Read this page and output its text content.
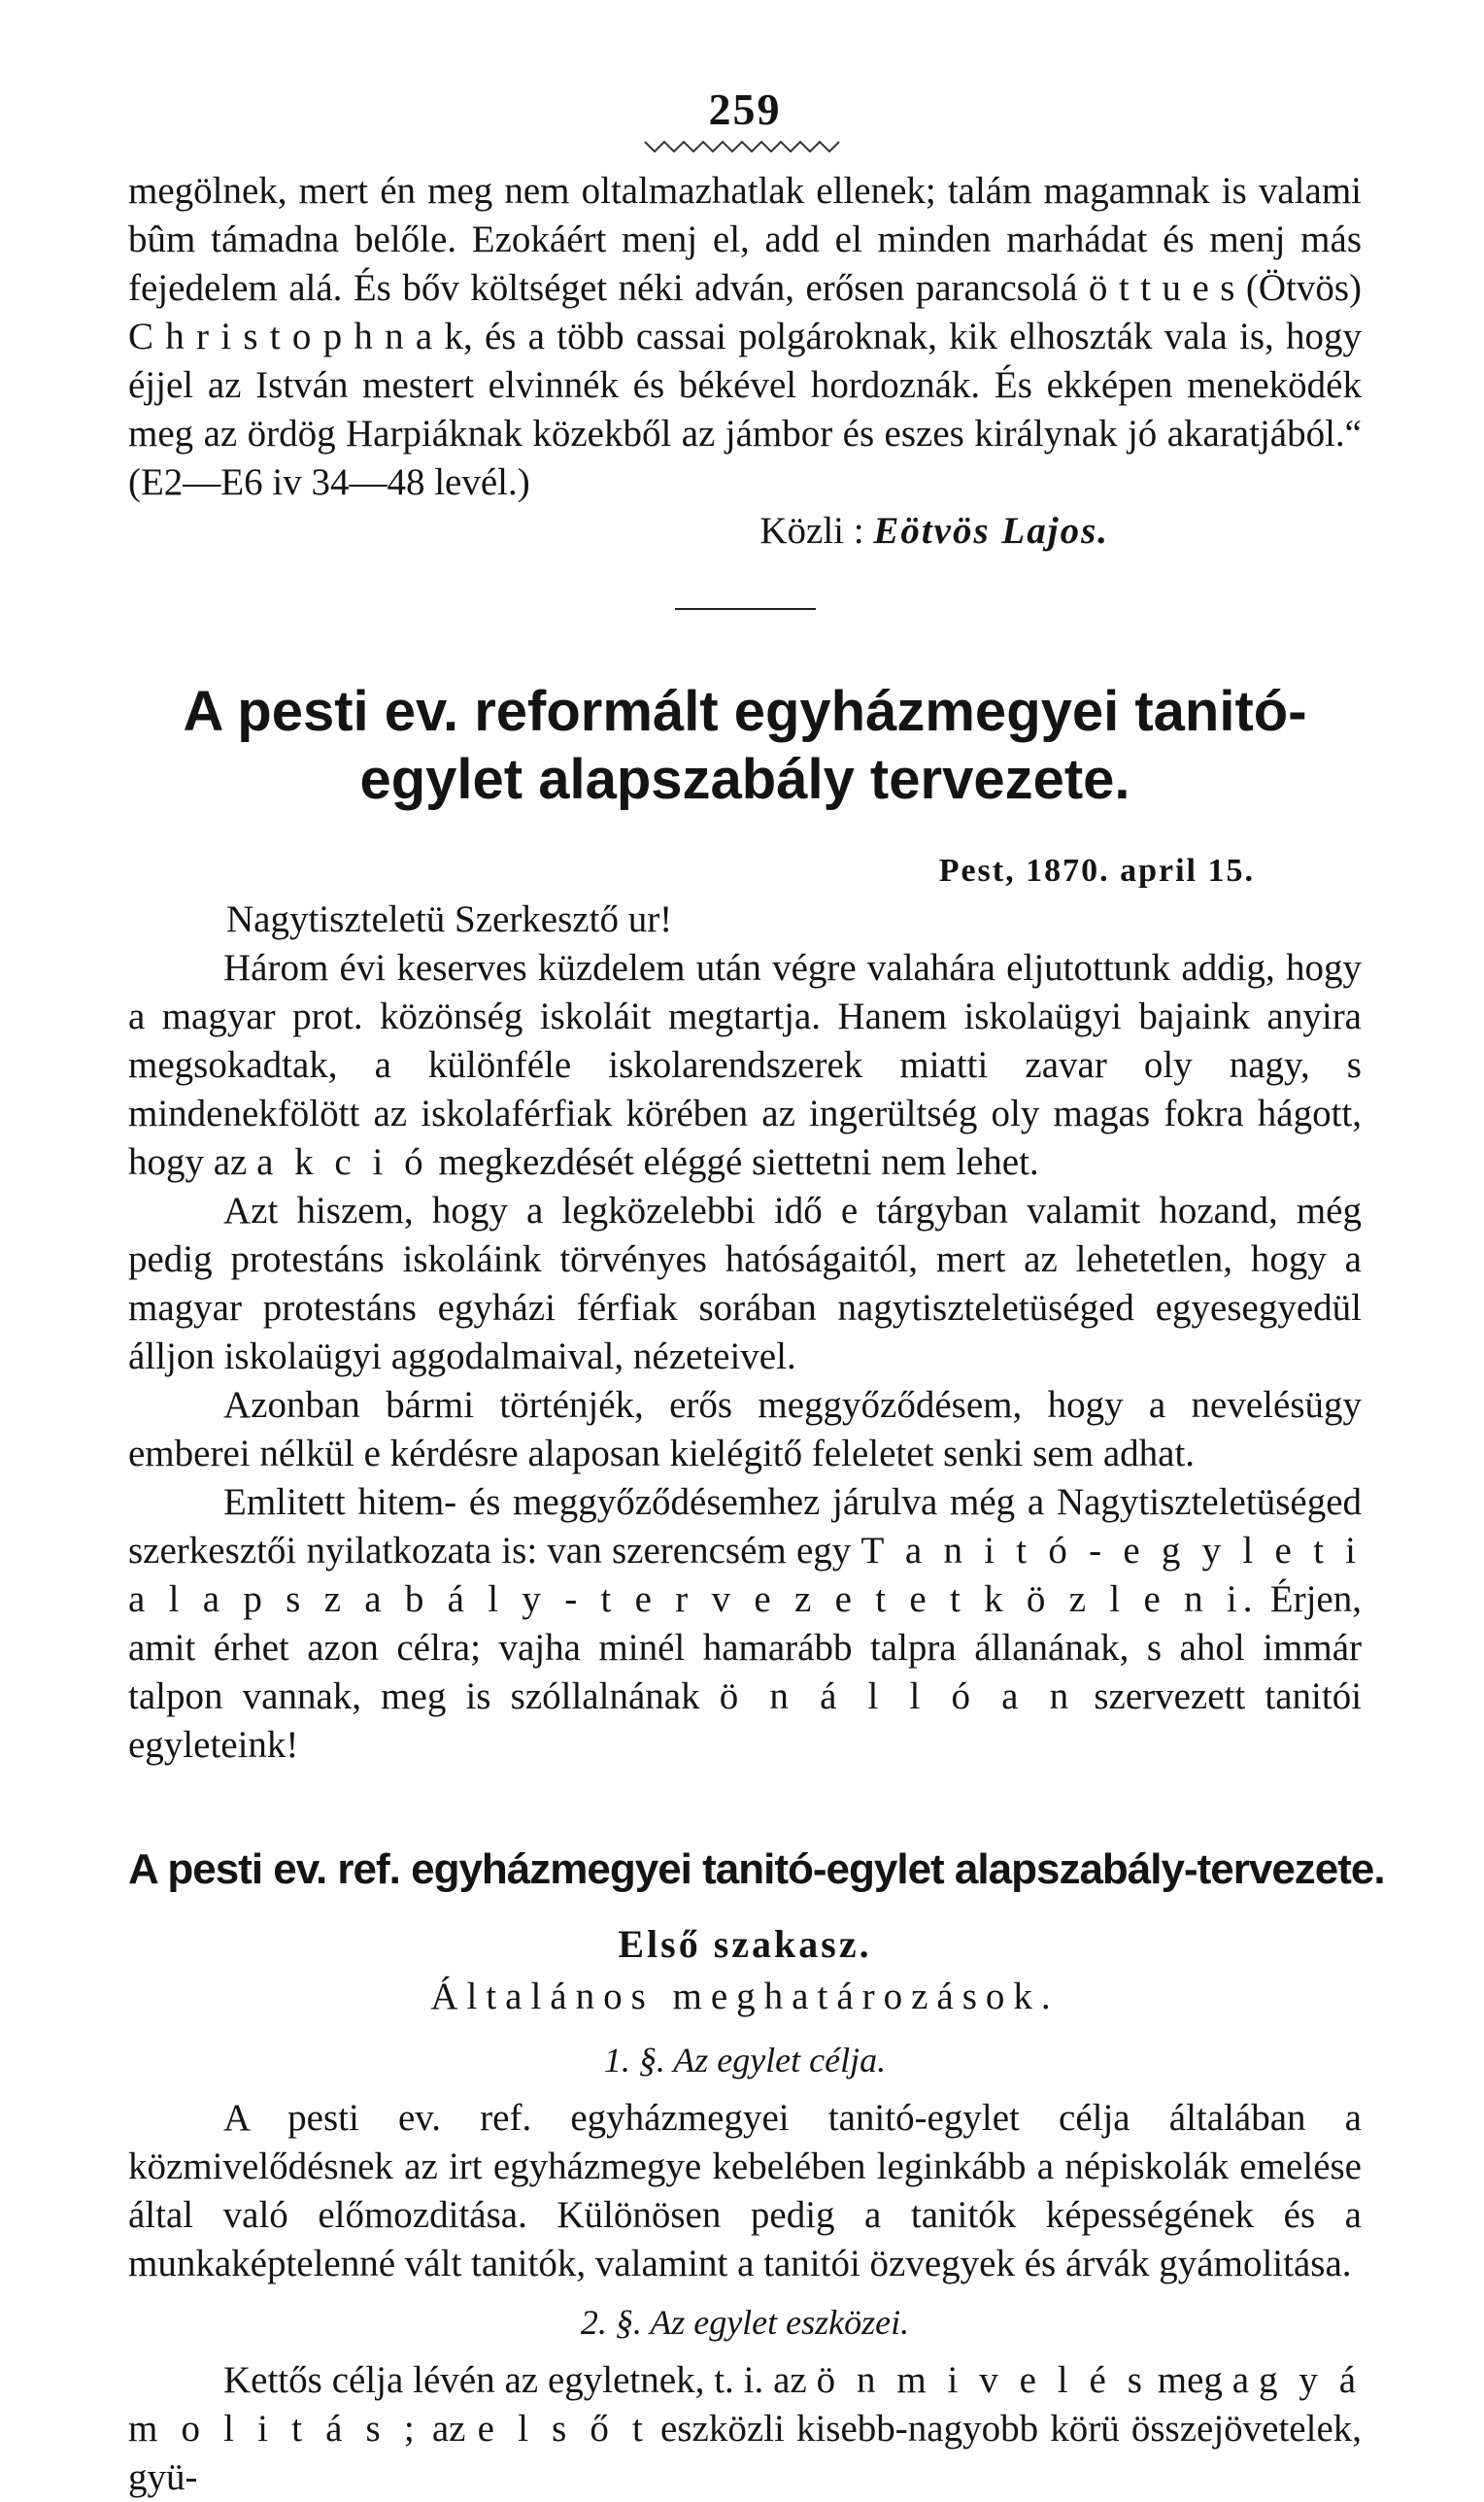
259

megölnek, mert én meg nem oltalmazhatlak ellenek; talám magamnak is valami bûm támadna belőle. Ezokáért menj el, add el minden marhádat és menj más fejedelem alá. És bőv költséget néki adván, erősen parancsolá ö t t u e s (Ötvös) C h r i s t o p h n a k, és a több cassai polgároknak, kik elhoszták vala is, hogy éjjel az István mestert elvinnék és békével hordoznák. És ekképen meneködék meg az ördög Harpiáknak közekből az jámbor és eszes királynak jó akaratjából.“ (E2—E6 iv 34—48 levél.)

Közli : Eötvös Lajos.

A pesti ev. reformált egyházmegyei tanitó-egylet alapszabály tervezete.

Pest, 1870. april 15.

Nagytiszteletü Szerkesztő ur!

Három évi keserves küzdelem után végre valahára eljutottunk addig, hogy a magyar prot. közönség iskoláit megtartja. Hanem iskolaügyi bajaink anyira megsokadtak, a különféle iskolarendszerek miatti zavar oly nagy, s mindenekfölött az iskolaférfiak körében az ingerültség oly magas fokra hágott, hogy az a k c i ó megkezdését eléggé siettetni nem lehet.

Azt hiszem, hogy a legközelebbi idő e tárgyban valamit hozand, még pedig protestáns iskoláink törvényes hatóságaitól, mert az lehetetlen, hogy a magyar protestáns egyházi férfiak sorában nagytiszteletüséged egyesegyedül álljon iskolaügyi aggodalmaival, nézeteivel.

Azonban bármi történjék, erős meggyőződésem, hogy a nevelésügy emberei nélkül e kérdésre alaposan kielégitő feleletet senki sem adhat.

Emlitett hitem- és meggyőződésemhez járulva még a Nagytiszteletüséged szerkesztői nyilatkozata is: van szerencsém egy T a n i t ó - e g y l e t i a l a p s z a b á l y - t e r v e z e t e t k ö z l e n i. Érjen, amit érhet azon célra; vajha minél hamarább talpra állanának, s ahol immár talpon vannak, meg is szóllalnának ö n á l l ó a n szervezett tanitói egyleteink!

A pesti ev. ref. egyházmegyei tanitó-egylet alapszabály-tervezete.

Első szakasz.

Általános meghatározások.

1. §. Az egylet célja.

A pesti ev. ref. egyházmegyei tanitó-egylet célja általában a közmivelődésnek az irt egyházmegye kebelében leginkább a népiskolák emelése által való előmozditása. Különösen pedig a tanitók képességének és a munkaképtelenné vált tanitók, valamint a tanitói özvegyek és árvák gyámolitása.

2. §. Az egylet eszközei.

Kettős célja lévén az egyletnek, t. i. az ö n m i v e l é s meg a g y á m o l i t á s ; az e l s ő t eszközli kisebb-nagyobb körü összejövetelek, gyü-
